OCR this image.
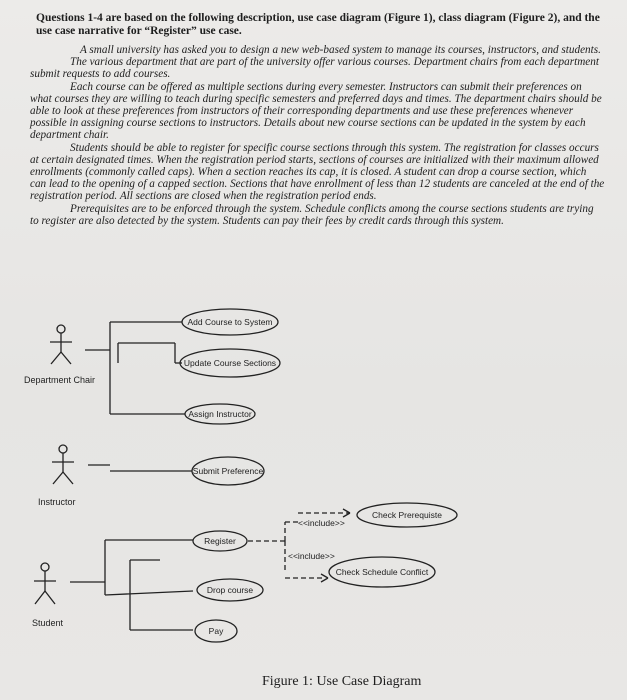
Questions 1-4 are based on the following description, use case diagram (Figure 1), class diagram (Figure 2), and the use case narrative for “Register” use case.

A small university has asked you to design a new web-based system to manage its courses, instructors, and students.

The various department that are part of the university offer various courses. Department chairs from each department submit requests to add courses.

Each course can be offered as multiple sections during every semester. Instructors can submit their preferences on what courses they are willing to teach during specific semesters and preferred days and times. The department chairs should be able to look at these preferences from instructors of their corresponding departments and use these preferences whenever possible in assigning course sections to instructors. Details about new course sections can be updated in the system by each department chair.

Students should be able to register for specific course sections through this system. The registration for classes occurs at certain designated times. When the registration period starts, sections of courses are initialized with their maximum allowed enrollments (commonly called caps). When a section reaches its cap, it is closed. A student can drop a course section, which can lead to the opening of a capped section. Sections that have enrollment of less than 12 students are canceled at the end of the registration period. All sections are closed when the registration period ends.

Prerequisites are to be enforced through the system. Schedule conflicts among the course sections students are trying to register are also detected by the system. Students can pay their fees by credit cards through this system.

Add Course to System
Update Course Sections
Assign Instructor
Submit Preference
Register
Drop course
Pay
Check Prerequiste
Check Schedule Conflict
<<include>>
<<include>>
Department Chair
Instructor
Student
Figure 1: Use Case Diagram
